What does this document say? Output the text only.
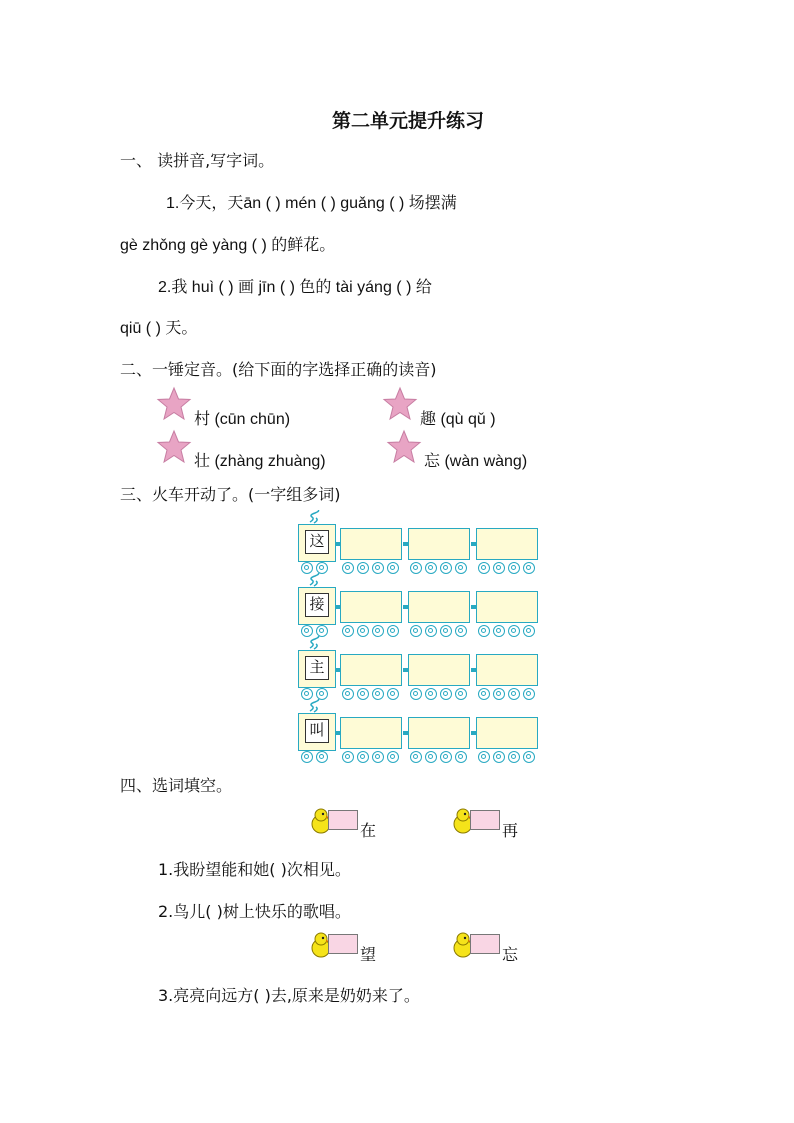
第二单元提升练习
一、 读拼音,写字词。
1.今天，天ān ( ) mén ( ) guǎng ( ) 场摆满
gè zhǒng gè yàng ( ) 的鲜花。
2.我 huì ( ) 画 jīn ( ) 色的 tài yáng ( ) 给
qiū ( ) 天。
二、一锤定音。(给下面的字选择正确的读音)
村 (cūn chūn)	趣 (qù qǔ )
壮 (zhàng zhuàng)	忘 (wàn wàng)
三、火车开动了。(一字组多词)
这
接
主
叫
四、选词填空。
在	再
1.我盼望能和她( )次相见。
2.鸟儿( )树上快乐的歌唱。
望	忘
3.亮亮向远方( )去,原来是奶奶来了。
